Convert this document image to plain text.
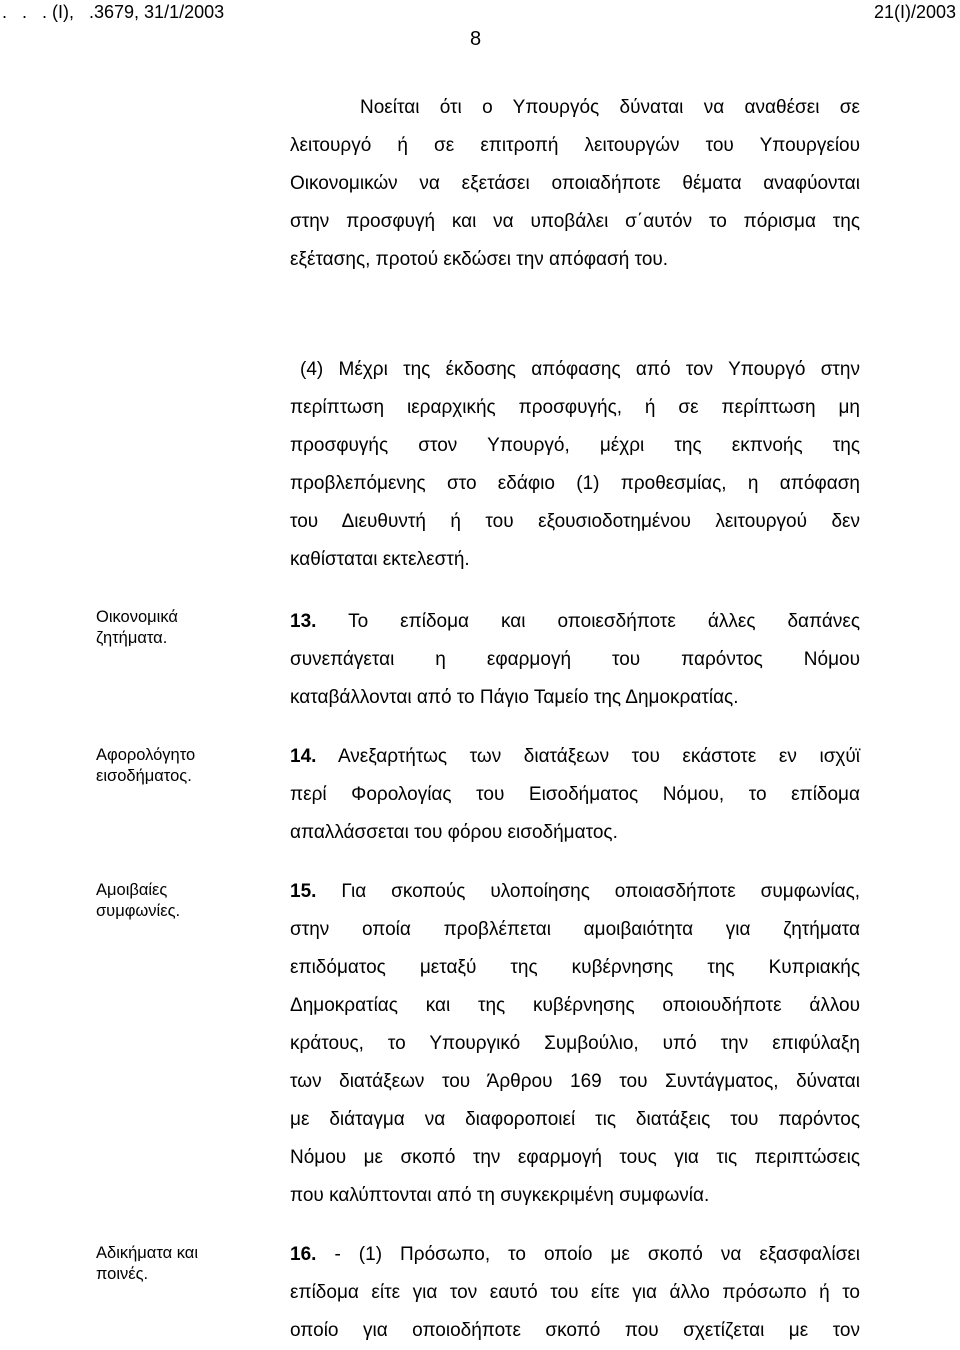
.   .   . (I),   .3679, 31/1/2003	21(I)/2003
8
Νοείται ότι ο Υπουργός δύναται να αναθέσει σε
λειτουργό ή σε επιτροπή λειτουργών του Υπουργείου
Οικονομικών να εξετάσει οποιαδήποτε θέματα αναφύονται
στην προσφυγή και να υποβάλει σ΄αυτόν το πόρισμα της
εξέτασης, προτού εκδώσει την απόφασή του.
(4) Μέχρι της έκδοσης απόφασης από τον Υπουργό στην
περίπτωση ιεραρχικής προσφυγής, ή σε περίπτωση μη
προσφυγής στον Υπουργό, μέχρι της εκπνοής της
προβλεπόμενης στο εδάφιο (1) προθεσμίας, η απόφαση
του Διευθυντή ή του εξουσιοδοτημένου λειτουργού δεν
καθίσταται εκτελεστή.
Οικονομικά
ζητήματα.
13. Το επίδομα και οποιεσδήποτε άλλες δαπάνες
συνεπάγεται η εφαρμογή του παρόντος Νόμου
καταβάλλονται από το Πάγιο Ταμείο της Δημοκρατίας.
Αφορολόγητο
εισοδήματος.
14. Ανεξαρτήτως των διατάξεων του εκάστοτε εν ισχύϊ
περί Φορολογίας του Εισοδήματος Νόμου, το επίδομα
απαλλάσσεται του φόρου εισοδήματος.
Αμοιβαίες
συμφωνίες.
15. Για σκοπούς υλοποίησης οποιασδήποτε συμφωνίας,
στην οποία προβλέπεται αμοιβαιότητα για ζητήματα
επιδόματος μεταξύ της κυβέρνησης της Κυπριακής
Δημοκρατίας και της κυβέρνησης οποιουδήποτε άλλου
κράτους, το Υπουργικό Συμβούλιο, υπό την επιφύλαξη
των διατάξεων του Άρθρου 169 του Συντάγματος, δύναται
με διάταγμα να διαφοροποιεί τις διατάξεις του παρόντος
Νόμου με σκοπό την εφαρμογή τους για τις περιπτώσεις
που καλύπτονται από τη συγκεκριμένη συμφωνία.
Αδικήματα και
ποινές.
16. - (1) Πρόσωπο, το οποίο με σκοπό να εξασφαλίσει
επίδομα είτε για τον εαυτό του είτε για άλλο πρόσωπο ή το
οποίο για οποιοδήποτε σκοπό που σχετίζεται με τον
